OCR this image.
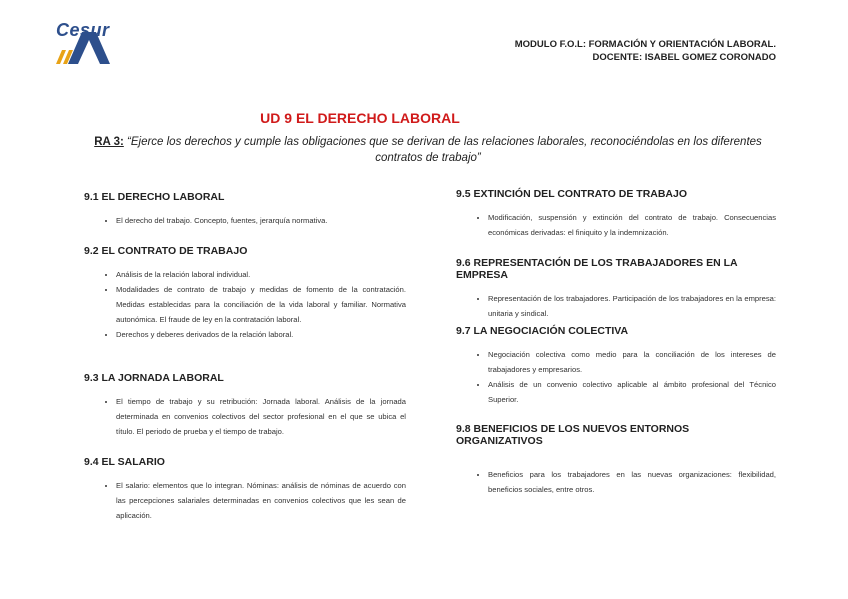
Cesur
MODULO F.O.L: FORMACIÓN Y ORIENTACIÓN LABORAL.
DOCENTE: ISABEL GOMEZ CORONADO
UD 9 EL DERECHO LABORAL
RA 3: “Ejerce los derechos y cumple las obligaciones que se derivan de las relaciones laborales, reconociéndolas en los diferentes contratos de trabajo”
9.1 EL DERECHO LABORAL
• El derecho del trabajo. Concepto, fuentes, jerarquía normativa.
9.2 EL CONTRATO DE TRABAJO
• Análisis de la relación laboral individual.
• Modalidades de contrato de trabajo y medidas de fomento de la contratación. Medidas establecidas para la conciliación de la vida laboral y familiar. Normativa autonómica. El fraude de ley en la contratación laboral.
• Derechos y deberes derivados de la relación laboral.
9.3 LA JORNADA LABORAL
• El tiempo de trabajo y su retribución: Jornada laboral. Análisis de la jornada determinada en convenios colectivos del sector profesional en el que se ubica el título. El periodo de prueba y el tiempo de trabajo.
9.4 EL SALARIO
• El salario: elementos que lo integran. Nóminas: análisis de nóminas de acuerdo con las percepciones salariales determinadas en convenios colectivos que les sean de aplicación.
9.5 EXTINCIÓN DEL CONTRATO DE TRABAJO
• Modificación, suspensión y extinción del contrato de trabajo. Consecuencias económicas derivadas: el finiquito y la indemnización.
9.6 REPRESENTACIÓN DE LOS TRABAJADORES EN LA EMPRESA
• Representación de los trabajadores. Participación de los trabajadores en la empresa: unitaria y sindical.
9.7 LA NEGOCIACIÓN COLECTIVA
• Negociación colectiva como medio para la conciliación de los intereses de trabajadores y empresarios.
• Análisis de un convenio colectivo aplicable al ámbito profesional del Técnico Superior.
9.8 BENEFICIOS DE LOS NUEVOS ENTORNOS ORGANIZATIVOS
• Beneficios para los trabajadores en las nuevas organizaciones: flexibilidad, beneficios sociales, entre otros.
